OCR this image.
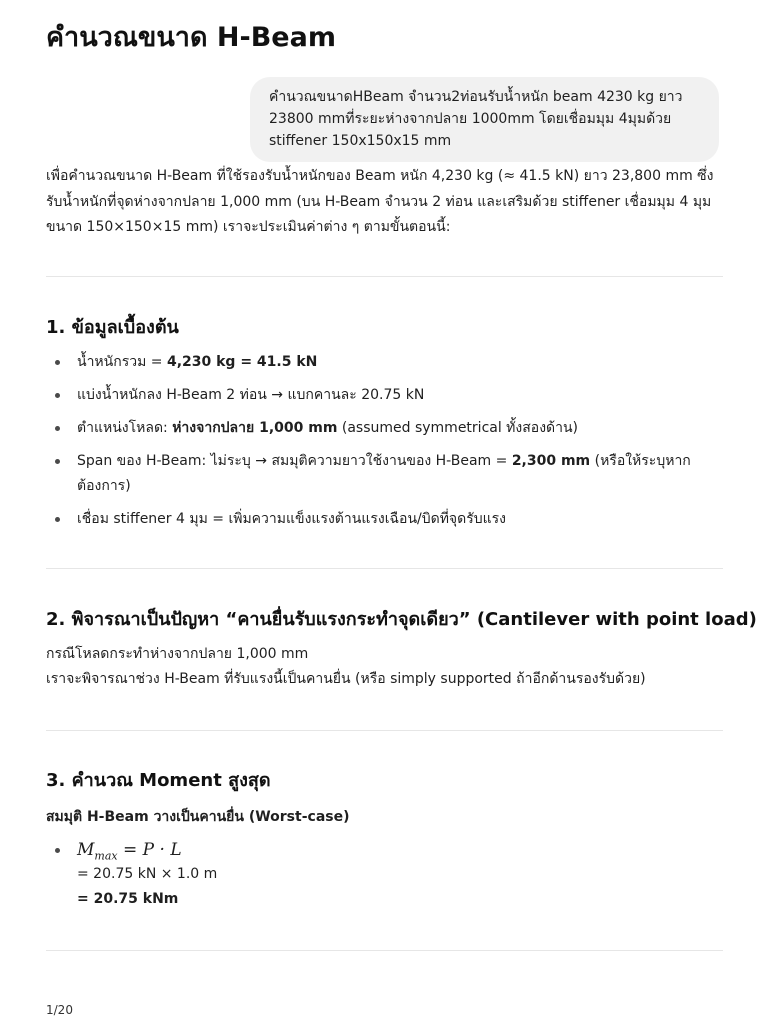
คำนวณขนาด H-Beam
คำนวณขนาดHBeam จำนวน2ท่อนรับน้ำหนัก beam 4230 kg ยาว 23800 mmที่ระยะห่างจากปลาย 1000mm โดยเชื่อมมุม 4มุมด้วย stiffener 150x150x15 mm
เพื่อคำนวณขนาด H-Beam ที่ใช้รองรับน้ำหนักของ Beam หนัก 4,230 kg (≈ 41.5 kN) ยาว 23,800 mm ซึ่งรับน้ำหนักที่จุดห่างจากปลาย 1,000 mm (บน H-Beam จำนวน 2 ท่อน และเสริมด้วย stiffener เชื่อมมุม 4 มุม ขนาด 150×150×15 mm) เราจะประเมินค่าต่าง ๆ ตามขั้นตอนนี้:
1. ข้อมูลเบื้องต้น
น้ำหนักรวม = 4,230 kg = 41.5 kN
แบ่งน้ำหนักลง H-Beam 2 ท่อน → แบกคานละ 20.75 kN
ตำแหน่งโหลด: ห่างจากปลาย 1,000 mm (assumed symmetrical ทั้งสองด้าน)
Span ของ H-Beam: ไม่ระบุ → สมมุติความยาวใช้งานของ H-Beam = 2,300 mm (หรือให้ระบุหากต้องการ)
เชื่อม stiffener 4 มุม = เพิ่มความแข็งแรงต้านแรงเฉือน/บิดที่จุดรับแรง
2. พิจารณาเป็นปัญหา “คานยื่นรับแรงกระทำจุดเดียว” (Cantilever with point load)
กรณีโหลดกระทำห่างจากปลาย 1,000 mm
เราจะพิจารณาช่วง H-Beam ที่รับแรงนี้เป็นคานยื่น (หรือ simply supported ถ้าอีกด้านรองรับด้วย)
3. คำนวณ Moment สูงสุด
สมมุติ H-Beam วางเป็นคานยื่น (Worst-case)
$M_{max} = P \cdot L$
= 20.75 kN × 1.0 m
= 20.75 kNm
1/20
